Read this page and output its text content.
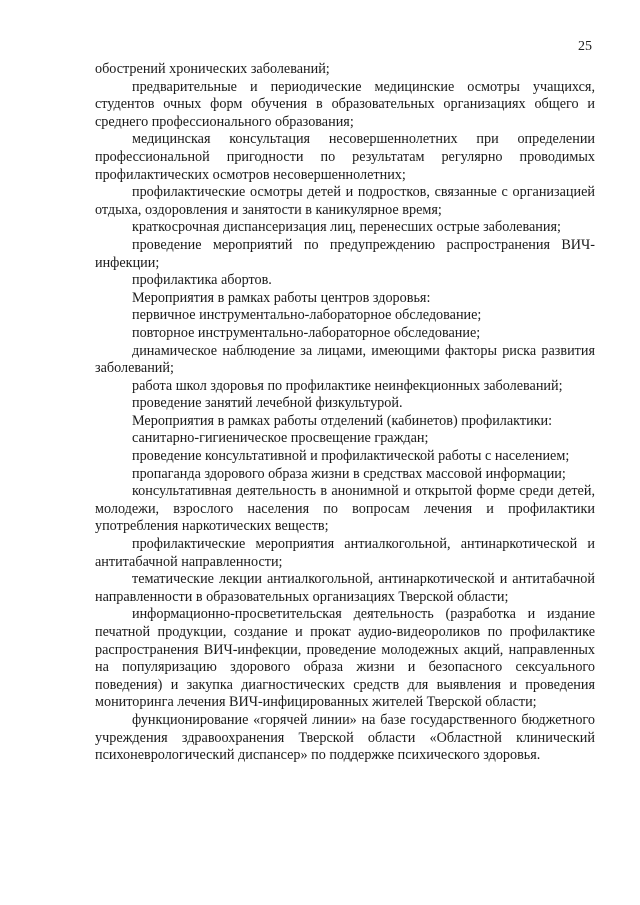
25

обострений хронических заболеваний;

предварительные и периодические медицинские осмотры учащихся, студентов очных форм обучения в образовательных организациях общего и среднего профессионального образования;

медицинская консультация несовершеннолетних при определении профессиональной пригодности по результатам регулярно проводимых профилактических осмотров несовершеннолетних;

профилактические осмотры детей и подростков, связанные с организацией отдыха, оздоровления и занятости в каникулярное время;

краткосрочная диспансеризация лиц, перенесших острые заболевания;

проведение мероприятий по предупреждению распространения ВИЧ-инфекции;

профилактика абортов.

Мероприятия в рамках работы центров здоровья:

первичное инструментально-лабораторное обследование;

повторное инструментально-лабораторное обследование;

динамическое наблюдение за лицами, имеющими факторы риска развития заболеваний;

работа школ здоровья по профилактике неинфекционных заболеваний;

проведение занятий лечебной физкультурой.

Мероприятия в рамках работы отделений (кабинетов) профилактики:

санитарно-гигиеническое просвещение граждан;

проведение консультативной и профилактической работы с населением;

пропаганда здорового образа жизни в средствах массовой информации;

консультативная деятельность в анонимной и открытой форме среди детей, молодежи, взрослого населения по вопросам лечения и профилактики употребления наркотических веществ;

профилактические мероприятия антиалкогольной, антинаркотической и антитабачной направленности;

тематические лекции антиалкогольной, антинаркотической и антитабачной направленности в образовательных организациях Тверской области;

информационно-просветительская деятельность (разработка и издание печатной продукции, создание и прокат аудио-видеороликов по профилактике распространения ВИЧ-инфекции, проведение молодежных акций, направленных на популяризацию здорового образа жизни и безопасного сексуального поведения) и закупка диагностических средств для выявления и проведения мониторинга лечения ВИЧ-инфицированных жителей Тверской области;

функционирование «горячей линии» на базе государственного бюджетного учреждения здравоохранения Тверской области «Областной клинический психоневрологический диспансер» по поддержке психического здоровья.
